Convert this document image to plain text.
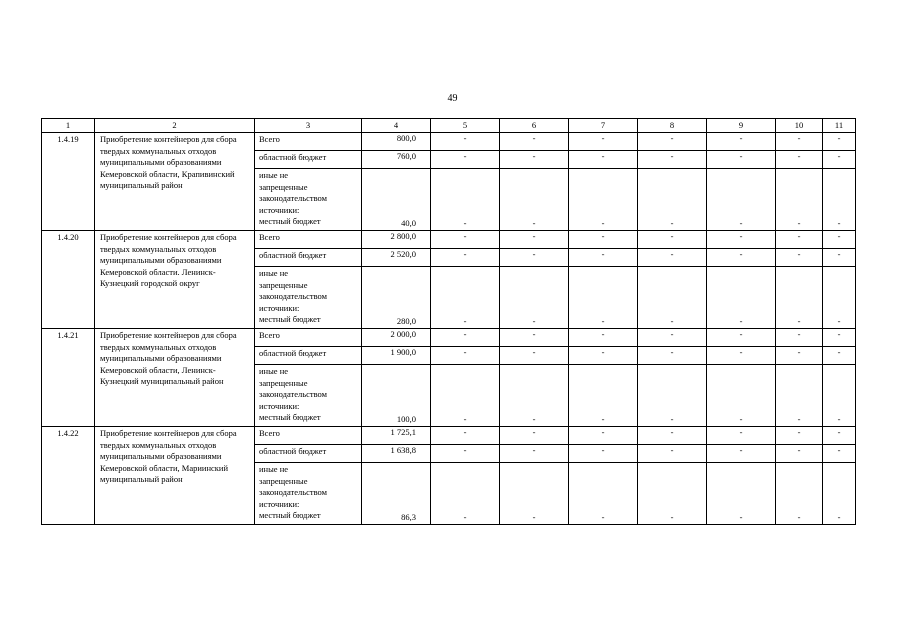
49
1	2	3	4	5	6	7	8	9	10	11
1.4.19	Приобретение контейнеров для сбора твердых коммунальных отходов муниципальными образованиями Кемеровской области, Крапивинский муниципальный район	Всего	800,0	-	-	-	-	-	-	-
		областной бюджет	760,0	-	-	-	-	-	-	-

		иные не
запрещенные
законодательством
источники:
местный бюджет	40,0	-	-	-	-	-	-	-
1.4.20	Приобретение контейнеров для сбора твердых коммунальных отходов муниципальными образованиями Кемеровской области. Ленинск-Кузнецкий городской округ	Всего	2 800,0	-	-	-	-	-	-	-
		областной бюджет	2 520,0	-	-	-	-	-	-	-

		иные не
запрещенные
законодательством
источники:
местный бюджет	280,0	-	-	-	-	-	-	-
1.4.21	Приобретение контейнеров для сбора твердых коммунальных отходов муниципальными образованиями Кемеровской области, Ленинск-Кузнецкий муниципальный район	Всего	2 000,0	-	-	-	-	-	-	-
		областной бюджет	1 900,0	-	-	-	-	-	-	-

		иные не
запрещенные
законодательством
источники:
местный бюджет	100,0	-	-	-	-	-	-	-
1.4.22	Приобретение контейнеров для сбора твердых коммунальных отходов муниципальными образованиями Кемеровской области, Мариинский муниципальный район	Всего	1 725,1	-	-	-	-	-	-	-
		областной бюджет	1 638,8	-	-	-	-	-	-	-

		иные не
запрещенные
законодательством
источники:
местный бюджет	86,3	-	-	-	-	-	-	-
